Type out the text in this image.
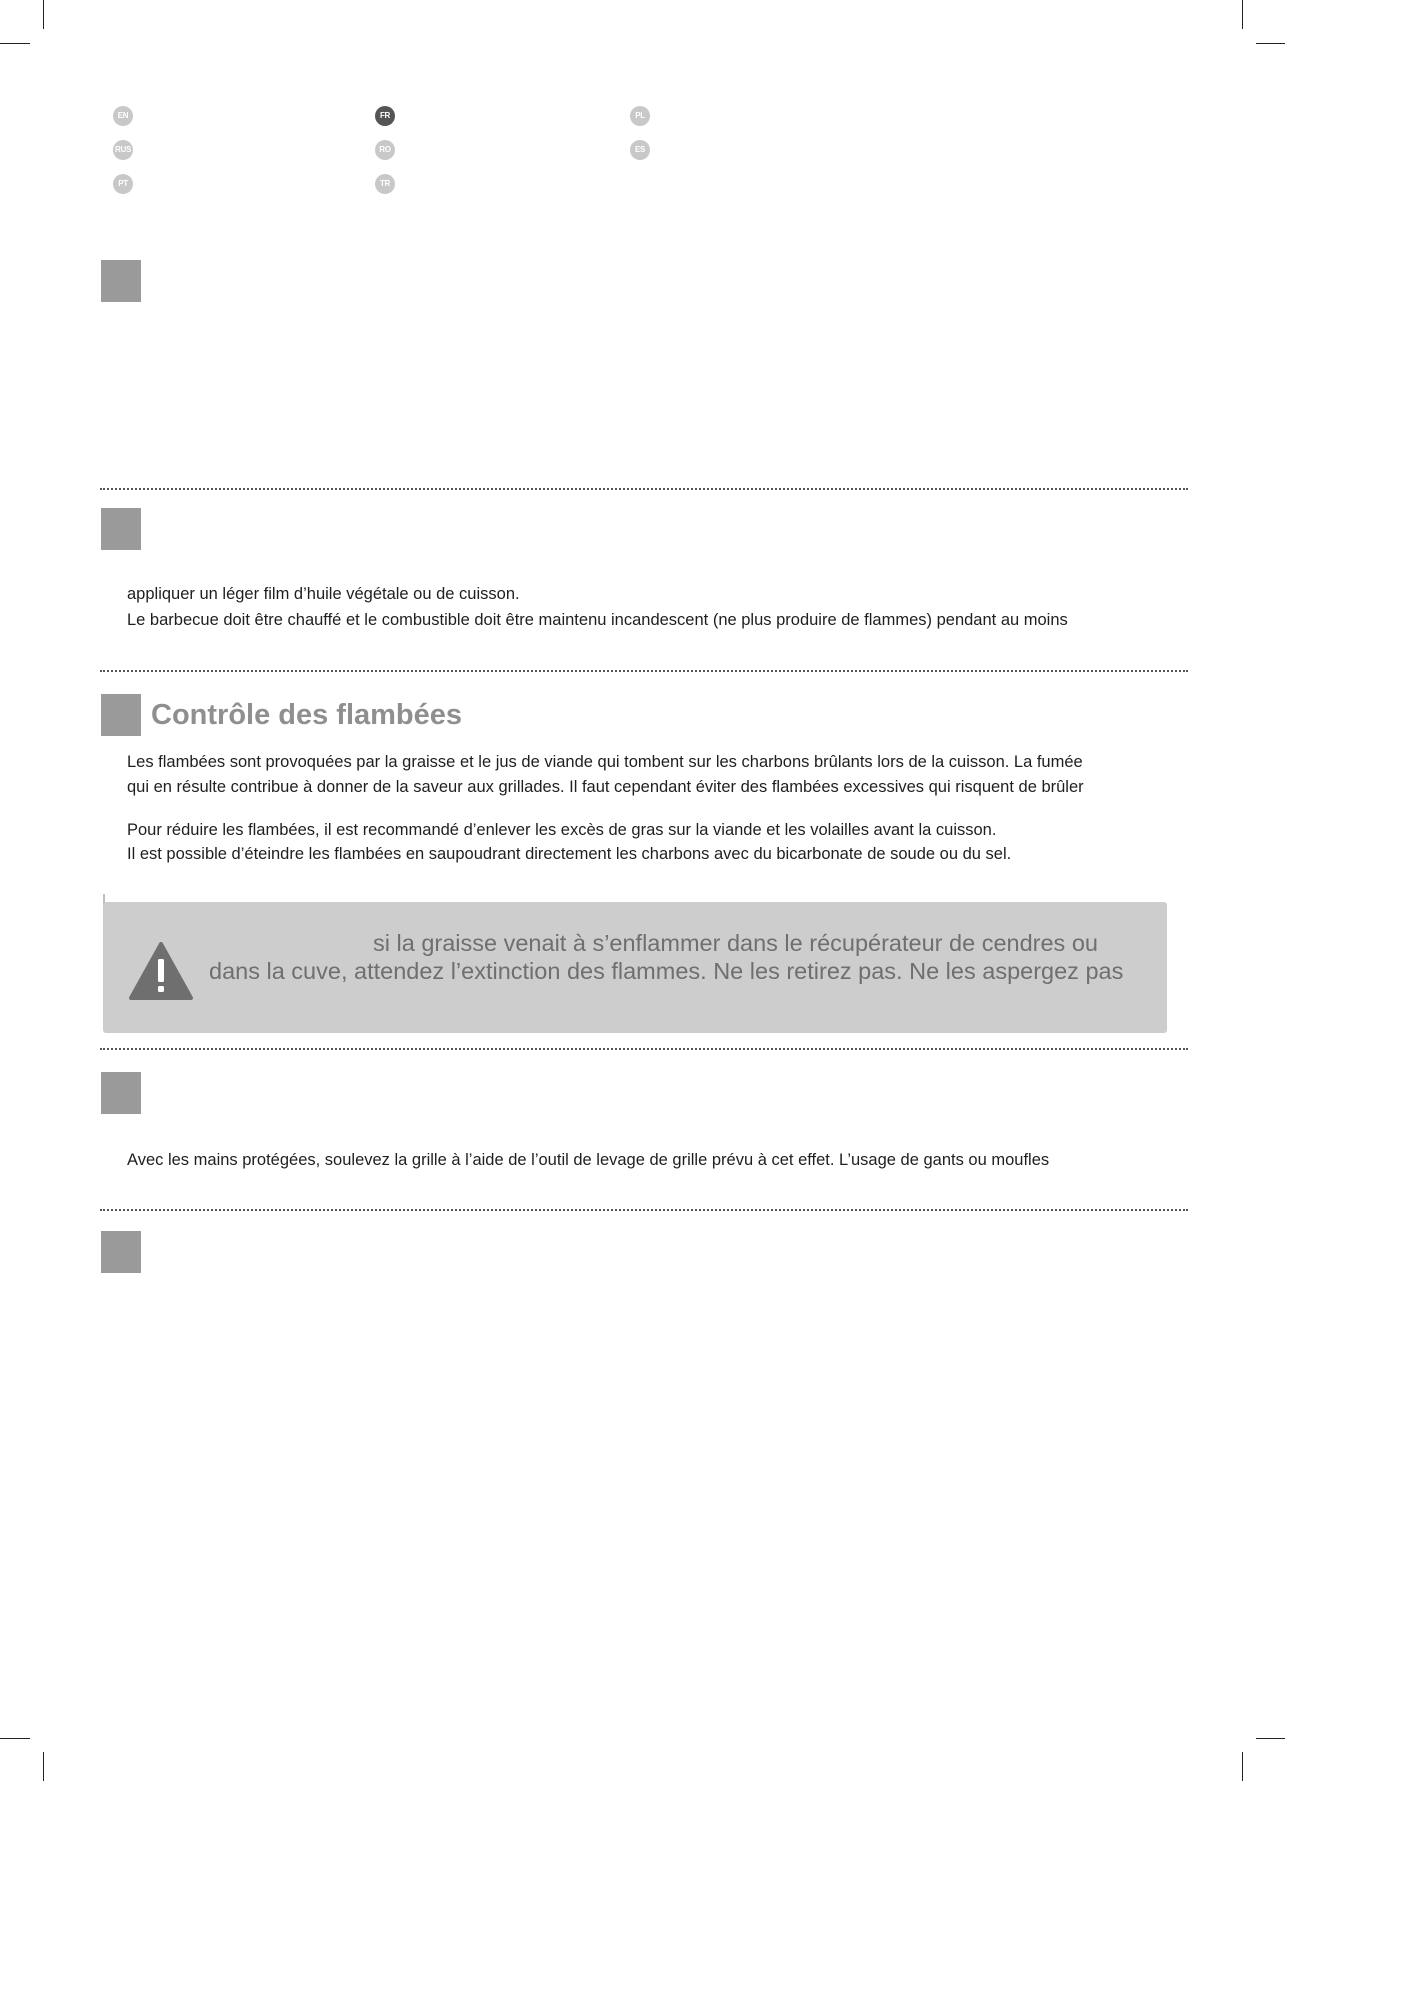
EN	FR	PL
RUS	RO	ES
PT	TR

appliquer un léger film d’huile végétale ou de cuisson.

Le barbecue doit être chauffé et le combustible doit être maintenu incandescent (ne plus produire de flammes) pendant au moins

Contrôle des flambées

Les flambées sont provoquées par la graisse et le jus de viande qui tombent sur les charbons brûlants lors de la cuisson. La fumée

qui en résulte contribue à donner de la saveur aux grillades. Il faut cependant éviter des flambées excessives qui risquent de brûler

Pour réduire les flambées, il est recommandé d’enlever les excès de gras sur la viande et les volailles avant la cuisson.

Il est possible d’éteindre les flambées en saupoudrant directement les charbons avec du bicarbonate de soude ou du sel.

si la graisse venait à s’enflammer dans le récupérateur de cendres ou

dans la cuve, attendez l’extinction des flammes. Ne les retirez pas. Ne les aspergez pas

Avec les mains protégées, soulevez la grille à l’aide de l’outil de levage de grille prévu à cet effet. L’usage de gants ou moufles
